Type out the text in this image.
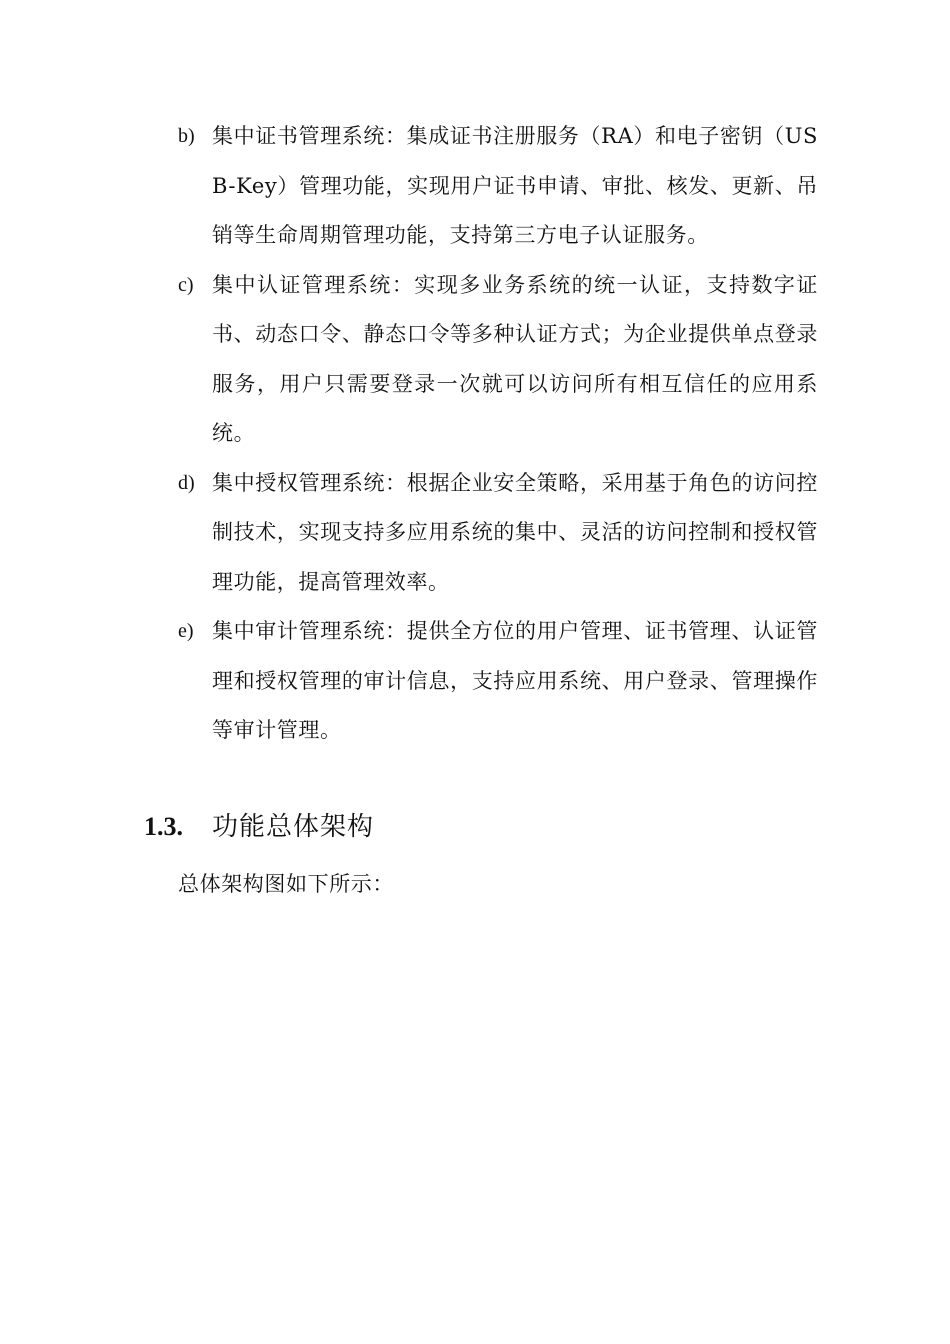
b) 集中证书管理系统：集成证书注册服务（RA）和电子密钥（USB-Key）管理功能，实现用户证书申请、审批、核发、更新、吊销等生命周期管理功能，支持第三方电子认证服务。
c) 集中认证管理系统：实现多业务系统的统一认证，支持数字证书、动态口令、静态口令等多种认证方式；为企业提供单点登录服务，用户只需要登录一次就可以访问所有相互信任的应用系统。
d) 集中授权管理系统：根据企业安全策略，采用基于角色的访问控制技术，实现支持多应用系统的集中、灵活的访问控制和授权管理功能，提高管理效率。
e) 集中审计管理系统：提供全方位的用户管理、证书管理、认证管理和授权管理的审计信息，支持应用系统、用户登录、管理操作等审计管理。
1.3.	功能总体架构
总体架构图如下所示：
